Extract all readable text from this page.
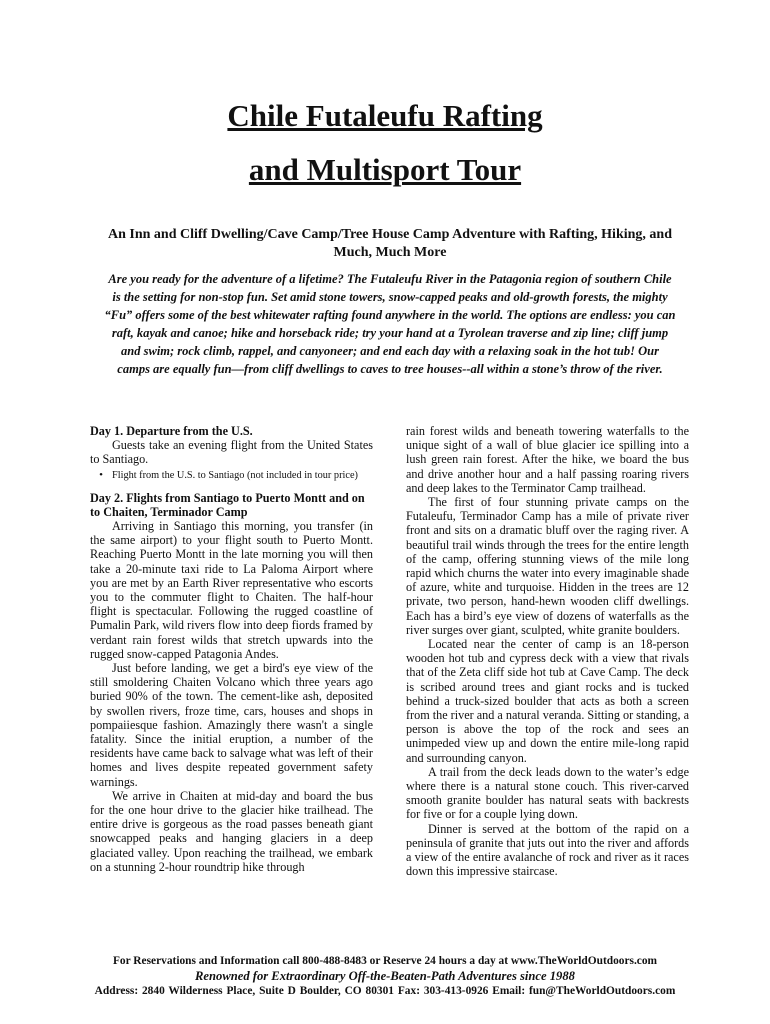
Chile Futaleufu Rafting
and Multisport Tour

An Inn and Cliff Dwelling/Cave Camp/Tree House Camp Adventure with Rafting, Hiking, and Much, Much More

Are you ready for the adventure of a lifetime? The Futaleufu River in the Patagonia region of southern Chile is the setting for non-stop fun. Set amid stone towers, snow-capped peaks and old-growth forests, the mighty “Fu” offers some of the best whitewater rafting found anywhere in the world. The options are endless: you can raft, kayak and canoe; hike and horseback ride; try your hand at a Tyrolean traverse and zip line; cliff jump and swim; rock climb, rappel, and canyoneer; and end each day with a relaxing soak in the hot tub! Our camps are equally fun—from cliff dwellings to caves to tree houses--all within a stone’s throw of the river.

Day 1. Departure from the U.S.

Guests take an evening flight from the United States to Santiago.

• Flight from the U.S. to Santiago (not included in tour price)
Day 2. Flights from Santiago to Puerto Montt and on to Chaiten, Terminador Camp

Arriving in Santiago this morning, you transfer (in the same airport) to your flight south to Puerto Montt. Reaching Puerto Montt in the late morning you will then take a 20-minute taxi ride to La Paloma Airport where you are met by an Earth River representative who escorts you to the commuter flight to Chaiten. The half-hour flight is spectacular. Following the rugged coastline of Pumalin Park, wild rivers flow into deep fiords framed by verdant rain forest wilds that stretch upwards into the rugged snow-capped Patagonia Andes.

Just before landing, we get a bird's eye view of the still smoldering Chaiten Volcano which three years ago buried 90% of the town. The cement-like ash, deposited by swollen rivers, froze time, cars, houses and shops in pompaiiesque fashion. Amazingly there wasn't a single fatality. Since the initial eruption, a number of the residents have came back to salvage what was left of their homes and lives despite repeated government safety warnings.

We arrive in Chaiten at mid-day and board the bus for the one hour drive to the glacier hike trailhead. The entire drive is gorgeous as the road passes beneath giant snowcapped peaks and hanging glaciers in a deep glaciated valley. Upon reaching the trailhead, we embark on a stunning 2-hour roundtrip hike through

rain forest wilds and beneath towering waterfalls to the unique sight of a wall of blue glacier ice spilling into a lush green rain forest. After the hike, we board the bus and drive another hour and a half passing roaring rivers and deep lakes to the Terminator Camp trailhead.

The first of four stunning private camps on the Futaleufu, Terminador Camp has a mile of private river front and sits on a dramatic bluff over the raging river. A beautiful trail winds through the trees for the entire length of the camp, offering stunning views of the mile long rapid which churns the water into every imaginable shade of azure, white and turquoise. Hidden in the trees are 12 private, two person, hand-hewn wooden cliff dwellings. Each has a bird’s eye view of dozens of waterfalls as the river surges over giant, sculpted, white granite boulders.

Located near the center of camp is an 18-person wooden hot tub and cypress deck with a view that rivals that of the Zeta cliff side hot tub at Cave Camp. The deck is scribed around trees and giant rocks and is tucked behind a truck-sized boulder that acts as both a screen from the river and a natural veranda. Sitting or standing, a person is above the top of the rock and sees an unimpeded view up and down the entire mile-long rapid and surrounding canyon.

A trail from the deck leads down to the water’s edge where there is a natural stone couch. This river-carved smooth granite boulder has natural seats with backrests for five or for a couple lying down.

Dinner is served at the bottom of the rapid on a peninsula of granite that juts out into the river and affords a view of the entire avalanche of rock and river as it races down this impressive staircase.

For Reservations and Information call 800-488-8483 or Reserve 24 hours a day at www.TheWorldOutdoors.com

Renowned for Extraordinary Off-the-Beaten-Path Adventures since 1988

Address: 2840 Wilderness Place, Suite D Boulder, CO 80301 Fax: 303-413-0926 Email: fun@TheWorldOutdoors.com
